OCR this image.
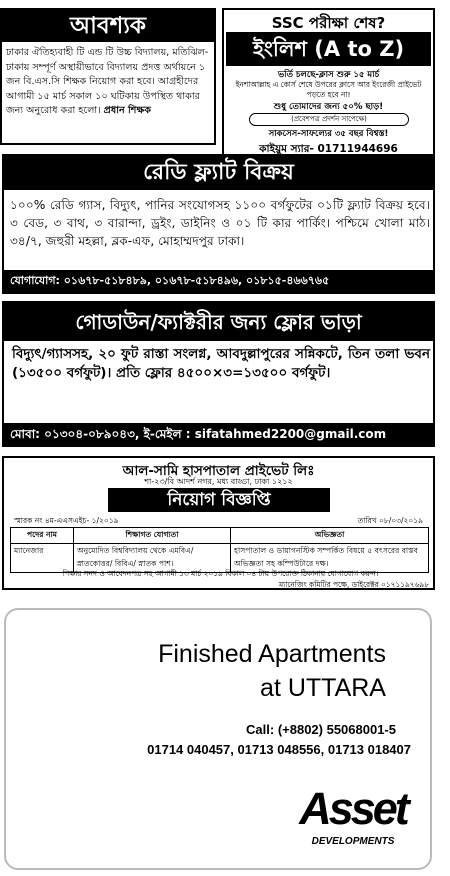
আবশ্যক
ঢাকার ঐতিহ্যবাহী টি এন্ড টি উচ্চ বিদ্যালয়, মতিঝিল-ঢাকায় সম্পূর্ণ অস্থায়ীভাবে বিদ্যালয় প্রদত্ত অর্থায়নে ১ জন বি.এস.সি শিক্ষক নিয়োগ করা হবে। আগ্রহীদের আগামী ১৫ মার্চ সকাল ১০ ঘটিকায় উপস্থিত থাকার জন্য অনুরোধ করা হলো। প্রধান শিক্ষক
SSC পরীক্ষা শেষ?
ইংলিশ (A to Z)
ভর্তি চলছে-ক্লাস শুরু ১৫ মার্চ
ইনশাআল্লাহ এ কোর্স শেষে উপরের ক্লাসে আর ইংরেজী প্রাইভেট পড়তে হবে না!
শুধু তোমাদের জন্য ৫০% ছাড়!
(প্রবেশপত্র প্রদর্শন সাপেক্ষে)
সাকসেস-সাফল্যের ৩৫ বছর বিশ্বস্ত!
কাইয়ুম স্যার- 01711944696
রেডি ফ্ল্যাট বিক্রয়
১০০% রেডি গ্যাস, বিদ্যুৎ, পানির সংযোগসহ ১১০০ বর্গফুটের ০১টি ফ্ল্যাট বিক্রয় হবে। ৩ বেড, ৩ বাথ, ৩ বারান্দা, ড্রইং, ডাইনিং ও ০১ টি কার পার্কিং। পশ্চিমে খোলা মাঠ। ৩৪/৭, জহুরী মহল্লা, ব্লক-এফ, মোহাম্মদপুর ঢাকা।
যোগাযোগ: ০১৬৭৮-৫১৮৪৮৯, ০১৬৭৮-৫১৮৪৯৬, ০১৮১৫-৪৬৬৭৬৫
গোডাউন/ফ্যাক্টরীর জন্য ফ্লোর ভাড়া
বিদ্যুৎ/গ্যাসসহ, ২০ ফুট রাস্তা সংলগ্ন, আবদুল্লাপুরের সন্নিকটে, তিন তলা ভবন (১৩৫০০ বর্গফুট)। প্রতি ফ্লোর ৪৫০০×৩=১৩৫০০ বর্গফুট।
মোবা: ০১৩০৪-০৮৯০৪৩, ই-মেইল : sifatahmed2200@gmail.com
আল-সামি হাসপাতাল প্রাইভেট লিঃ
শা-২৩/বি আদর্শ নগর, মধ্য বাড্ডা, ঢাকা ১২১২
নিয়োগ বিজ্ঞপ্তি
স্মারক নং ৪ম-এএসএইচ- ১/২০১৯	তারিখ ০৮/০৩/২০১৯
পদের নাম	শিক্ষাগত যোগ্যতা	অভিজ্ঞতা
ম্যানেজার	অনুমোদিত বিশ্ববিদ্যালয় থেকে এমবিএ/ স্নাতকোত্তর/ বিবিএ/ স্নাতক পাশ।	হাসপাতাল ও ডায়াগনস্টিক সম্পর্কিত বিষয়ে ৫ বৎসরের বাস্তব অভিজ্ঞতা সহ কম্পিউটারে দক্ষ।
শিক্ষার সনদ ও আবেদনপত্র সহ আগামী ১৩ মার্চ ২০১৯ বিকাল ০৪ টায় উপরোক্ত ঠিকানায় যোগাযোগ করুন।
ম্যানেজিং কমিটির পক্ষে, ডাইরেক্টর ০১৭১১৯৭৬৯৮
Finished Apartments
at UTTARA
Call: (+8802) 55068001-5
01714 040457, 01713 048556, 01713 018407
Asset
DEVELOPMENTS
